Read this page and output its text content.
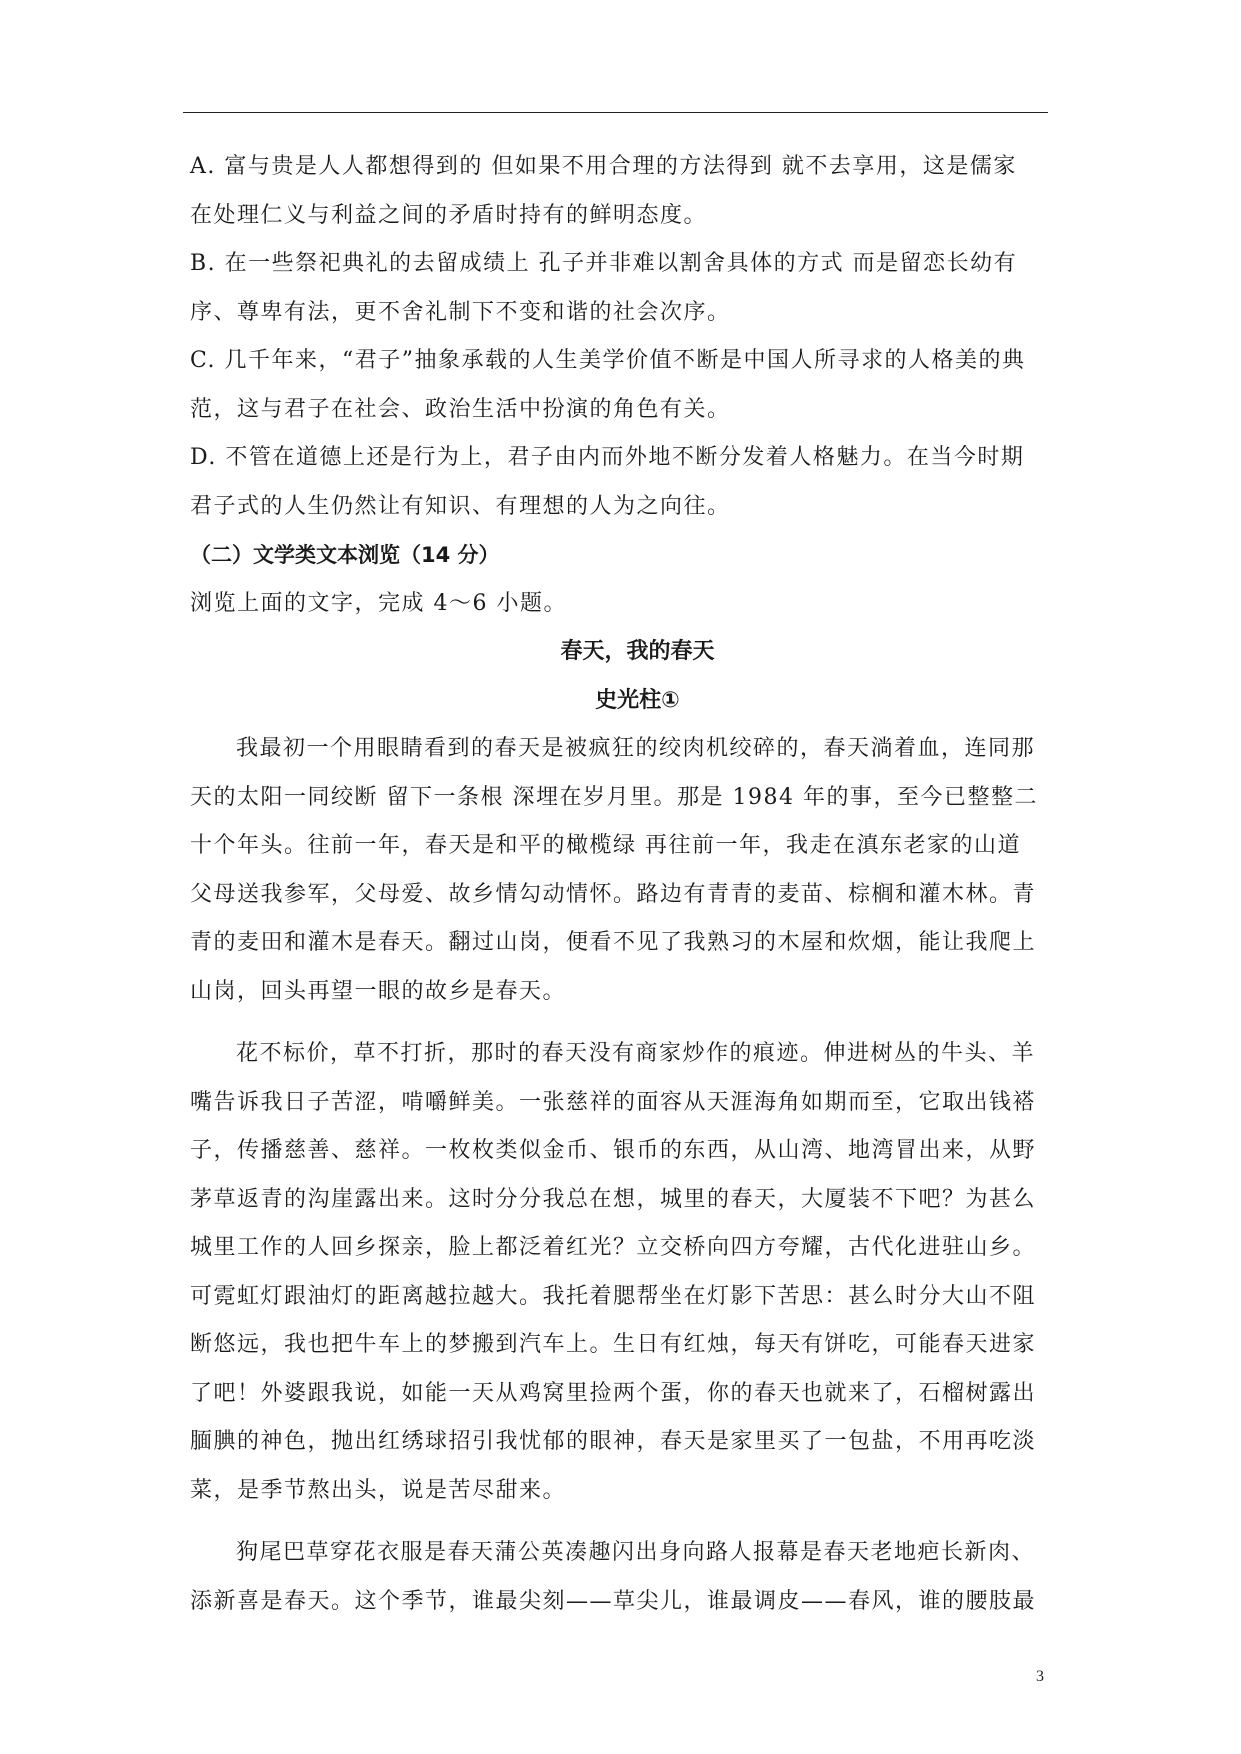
A. 富与贵是人人都想得到的 但如果不用合理的方法得到 就不去享用，这是儒家
在处理仁义与利益之间的矛盾时持有的鲜明态度。
B. 在一些祭祀典礼的去留成绩上 孔子并非难以割舍具体的方式 而是留恋长幼有
序、尊卑有法，更不舍礼制下不变和谐的社会次序。
C. 几千年来，“君子”抽象承载的人生美学价值不断是中国人所寻求的人格美的典
范，这与君子在社会、政治生活中扮演的角色有关。
D. 不管在道德上还是行为上，君子由内而外地不断分发着人格魅力。在当今时期
君子式的人生仍然让有知识、有理想的人为之向往。
（二）文学类文本浏览（14 分）
浏览上面的文字，完成 4～6 小题。
春天，我的春天
史光柱①
我最初一个用眼睛看到的春天是被疯狂的绞肉机绞碎的，春天淌着血，连同那
天的太阳一同绞断 留下一条根 深埋在岁月里。那是 1984 年的事，至今已整整二
十个年头。往前一年，春天是和平的橄榄绿 再往前一年，我走在滇东老家的山道
父母送我参军，父母爱、故乡情勾动情怀。路边有青青的麦苗、棕榈和灌木林。青
青的麦田和灌木是春天。翻过山岗，便看不见了我熟习的木屋和炊烟，能让我爬上
山岗，回头再望一眼的故乡是春天。
花不标价，草不打折，那时的春天没有商家炒作的痕迹。伸进树丛的牛头、羊
嘴告诉我日子苦涩，啃嚼鲜美。一张慈祥的面容从天涯海角如期而至，它取出钱褡
子，传播慈善、慈祥。一枚枚类似金币、银币的东西，从山湾、地湾冒出来，从野
茅草返青的沟崖露出来。这时分分我总在想，城里的春天，大厦装不下吧？为甚么
城里工作的人回乡探亲，脸上都泛着红光？立交桥向四方夸耀，古代化进驻山乡。
可霓虹灯跟油灯的距离越拉越大。我托着腮帮坐在灯影下苦思：甚么时分大山不阻
断悠远，我也把牛车上的梦搬到汽车上。生日有红烛，每天有饼吃，可能春天进家
了吧！外婆跟我说，如能一天从鸡窝里捡两个蛋，你的春天也就来了，石榴树露出
腼腆的神色，抛出红绣球招引我忧郁的眼神，春天是家里买了一包盐，不用再吃淡
菜，是季节熬出头，说是苦尽甜来。
狗尾巴草穿花衣服是春天蒲公英凑趣闪出身向路人报幕是春天老地疤长新肉、
添新喜是春天。这个季节，谁最尖刻——草尖儿，谁最调皮——春风，谁的腰肢最
3
